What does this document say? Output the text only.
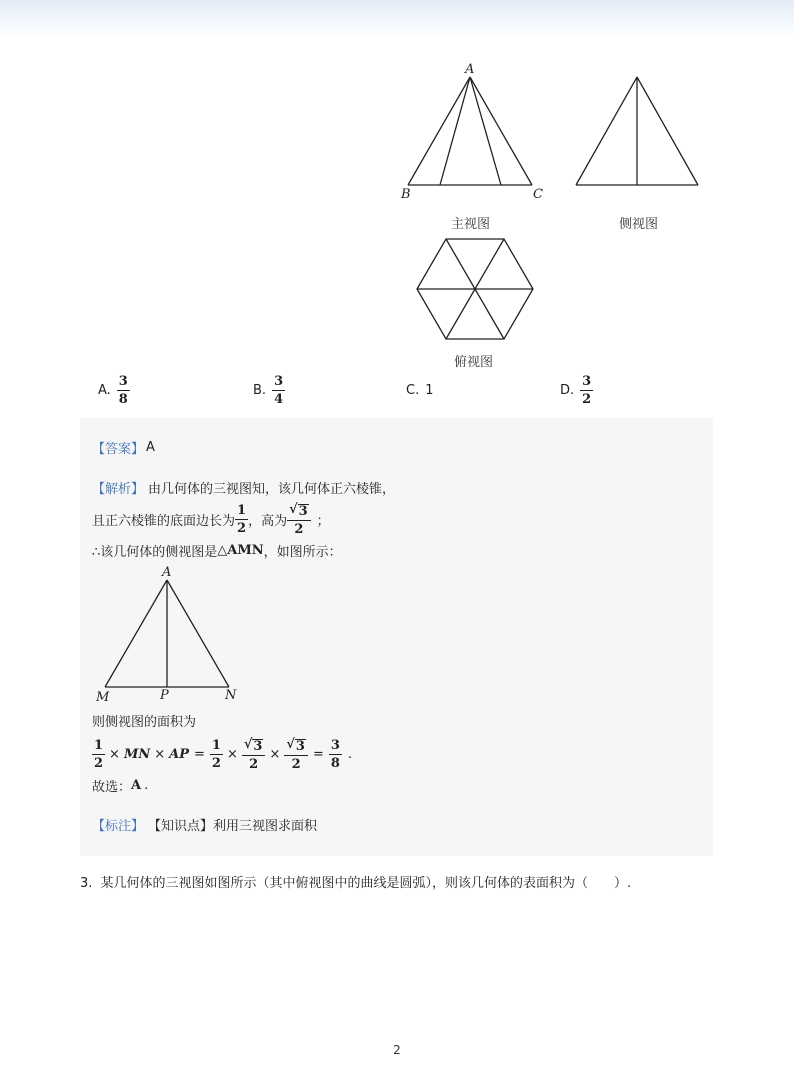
A
B	C
主视图	侧视图
俯视图
A. $\frac{3}{8}$	B. $\frac{3}{4}$	C. 1	D. $\frac{3}{2}$
【答案】 A
【解析】 由几何体的三视图知，该几何体正六棱锥，
且正六棱锥的底面边长为 $\frac{1}{2}$ ，高为 $\frac{√ 3}{2}$ ；
∴该几何体的侧视图是 △AMN ，如图所示：
A
M	P	N
则侧视图的面积为
$\frac{1}{2}$ × MN × AP = $\frac{1}{2} \times \frac{√ 3}{2} \times \frac{√ 3}{2} = \frac{3}{8}$ .
故选： A .
【标注】 【知识点】利用三视图求面积
3. 某几何体的三视图如图所示（其中俯视图中的曲线是圆弧），则该几何体的表面积为（　　）.
2
